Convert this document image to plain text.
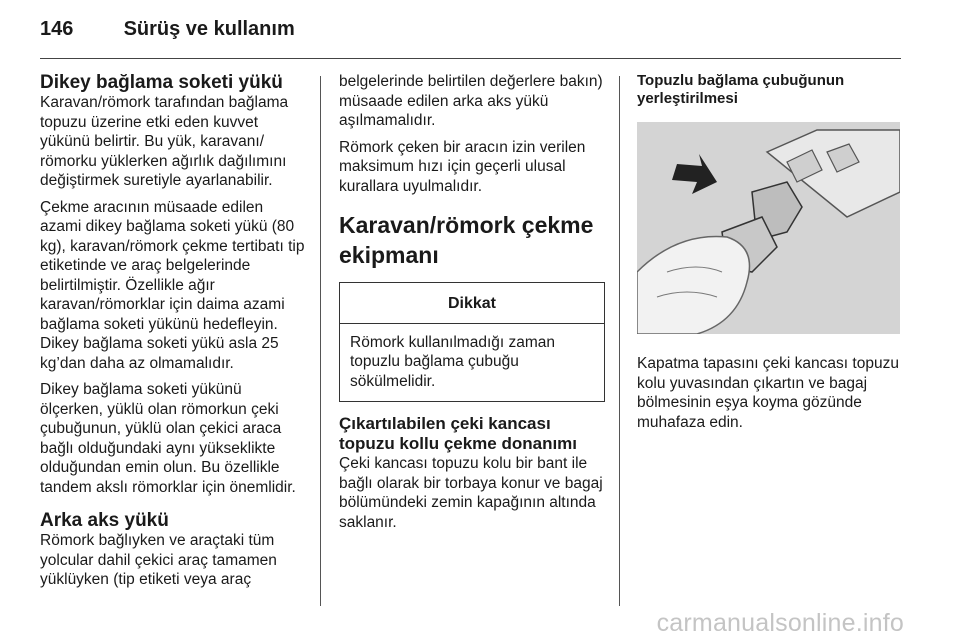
146	Sürüş ve kullanım
Dikey bağlama soketi yükü

Karavan/römork tarafından bağlama topuzu üzerine etki eden kuvvet yükünü belirtir. Bu yük, karavanı/ römorku yüklerken ağırlık dağılımını değiştirmek suretiyle ayarlanabilir.

Çekme aracının müsaade edilen azami dikey bağlama soketi yükü (80 kg), karavan/römork çekme tertibatı tip etiketinde ve araç belgelerinde belirtilmiştir. Özellikle ağır karavan/römorklar için daima azami bağlama soketi yükünü hedefleyin. Dikey bağlama soketi yükü asla 25 kg’dan daha az olmamalıdır.

Dikey bağlama soketi yükünü ölçerken, yüklü olan römorkun çeki çubuğunun, yüklü olan çekici araca bağlı olduğundaki aynı yükseklikte olduğundan emin olun. Bu özellikle tandem akslı römorklar için önemlidir.

Arka aks yükü

Römork bağlıyken ve araçtaki tüm yolcular dahil çekici araç tamamen yüklüyken (tip etiketi veya araç

belgelerinde belirtilen değerlere bakın) müsaade edilen arka aks yükü aşılmamalıdır.

Römork çeken bir aracın izin verilen maksimum hızı için geçerli ulusal kurallara uyulmalıdır.

Karavan/römork çekme ekipmanı
Dikkat
Römork kullanılmadığı zaman topuzlu bağlama çubuğu sökülmelidir.
Çıkartılabilen çeki kancası topuzu kollu çekme donanımı

Çeki kancası topuzu kolu bir bant ile bağlı olarak bir torbaya konur ve bagaj bölümündeki zemin kapağının altında saklanır.

Topuzlu bağlama çubuğunun yerleştirilmesi

Kapatma tapasını çeki kancası topuzu kolu yuvasından çıkartın ve bagaj bölmesinin eşya koyma gözünde muhafaza edin.

carmanualsonline.info
